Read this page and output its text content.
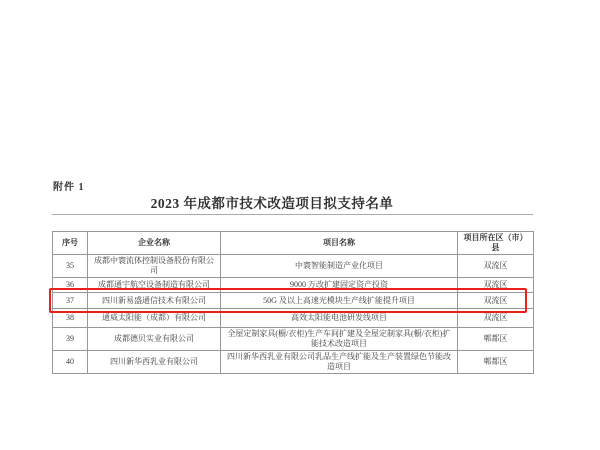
附件 1
2023 年成都市技术改造项目拟支持名单
序号	企业名称	项目名称	项目所在区（市）县
35	成都中寰流体控制设备股份有限公司	中寰智能制造产业化项目	双流区
36	成都通宇航空设备制造有限公司	9000 万改扩建固定资产投资	双流区
37	四川新易盛通信技术有限公司	50G 及以上高速光模块生产线扩能提升项目	双流区
38	通威太阳能（成都）有限公司	高效太阳能电池研发线项目	双流区
39	成都德贝实业有限公司	全屋定制家具(橱/衣柜)生产车间扩建及全屋定制家具(橱/衣柜)扩能技术改造项目	郫都区
40	四川新华西乳业有限公司	四川新华西乳业有限公司乳品生产线扩能及生产装置绿色节能改造项目	郫都区
